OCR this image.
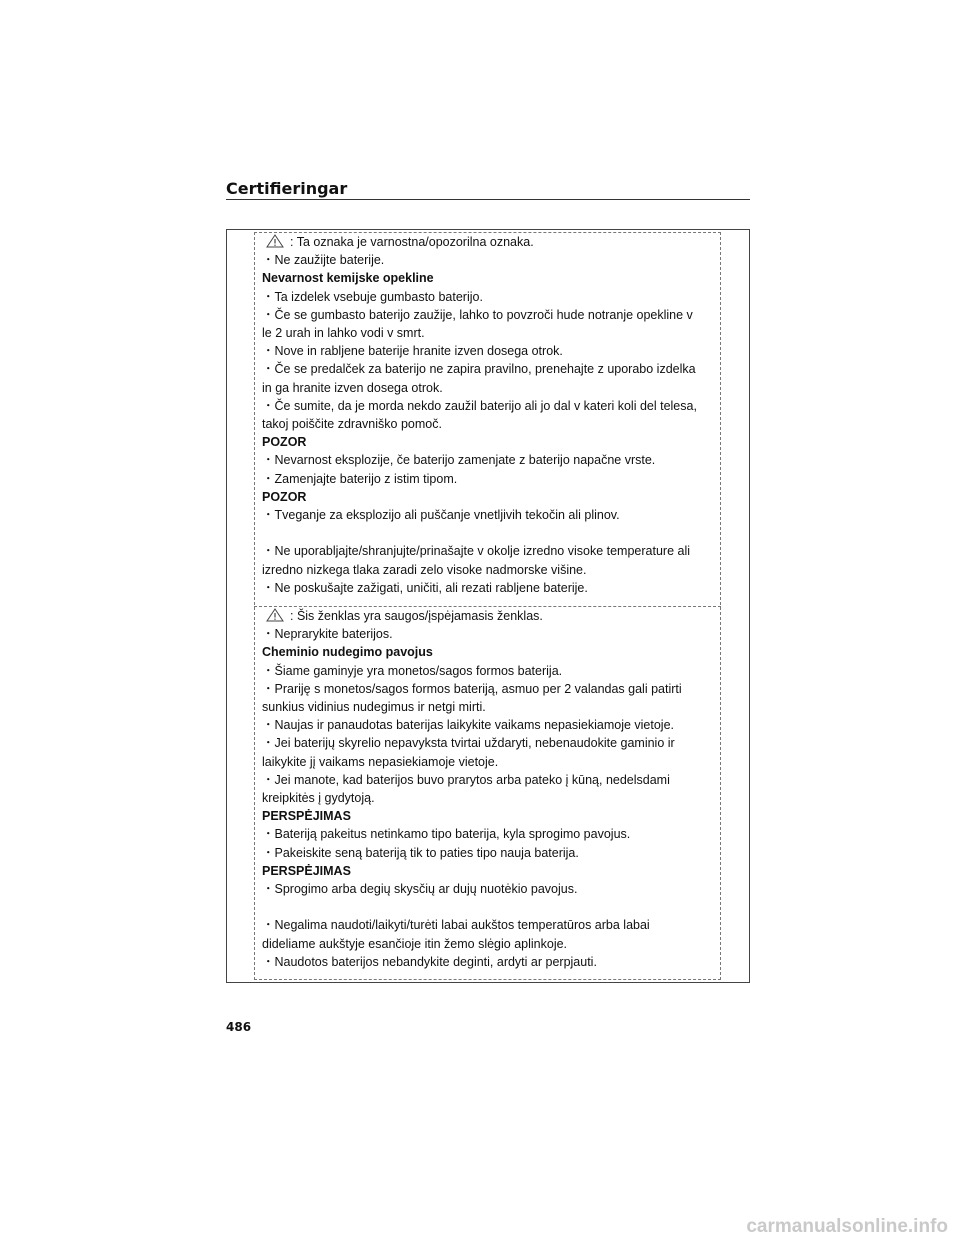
Certifieringar
: Ta oznaka je varnostna/opozorilna oznaka.
・Ne zaužijte baterije.
Nevarnost kemijske opekline
・Ta izdelek vsebuje gumbasto baterijo.
・Če se gumbasto baterijo zaužije, lahko to povzroči hude notranje opekline v
le 2 urah in lahko vodi v smrt.
・Nove in rabljene baterije hranite izven dosega otrok.
・Če se predalček za baterijo ne zapira pravilno, prenehajte z uporabo izdelka
in ga hranite izven dosega otrok.
・Če sumite, da je morda nekdo zaužil baterijo ali jo dal v kateri koli del telesa,
takoj poiščite zdravniško pomoč.
POZOR
・Nevarnost eksplozije, če baterijo zamenjate z baterijo napačne vrste.
・Zamenjajte baterijo z istim tipom.
POZOR
・Tveganje za eksplozijo ali puščanje vnetljivih tekočin ali plinov.
・Ne uporabljajte/shranjujte/prinašajte v okolje izredno visoke temperature ali
izredno nizkega tlaka zaradi zelo visoke nadmorske višine.
・Ne poskušajte zažigati, uničiti, ali rezati rabljene baterije.
: Šis ženklas yra saugos/įspėjamasis ženklas.
・Neprarykite baterijos.
Cheminio nudegimo pavojus
・Šiame gaminyje yra monetos/sagos formos baterija.
・Prariję s monetos/sagos formos bateriją, asmuo per 2 valandas gali patirti
sunkius vidinius nudegimus ir netgi mirti.
・Naujas ir panaudotas baterijas laikykite vaikams nepasiekiamoje vietoje.
・Jei baterijų skyrelio nepavyksta tvirtai uždaryti, nebenaudokite gaminio ir
laikykite jį vaikams nepasiekiamoje vietoje.
・Jei manote, kad baterijos buvo prarytos arba pateko į kūną, nedelsdami
kreipkitės į gydytoją.
PERSPĖJIMAS
・Bateriją pakeitus netinkamo tipo baterija, kyla sprogimo pavojus.
・Pakeiskite seną bateriją tik to paties tipo nauja baterija.
PERSPĖJIMAS
・Sprogimo arba degių skysčių ar dujų nuotėkio pavojus.
・Negalima naudoti/laikyti/turėti labai aukštos temperatūros arba labai
dideliame aukštyje esančioje itin žemo slėgio aplinkoje.
・Naudotos baterijos nebandykite deginti, ardyti ar perpjauti.
486
carmanualsonline.info
